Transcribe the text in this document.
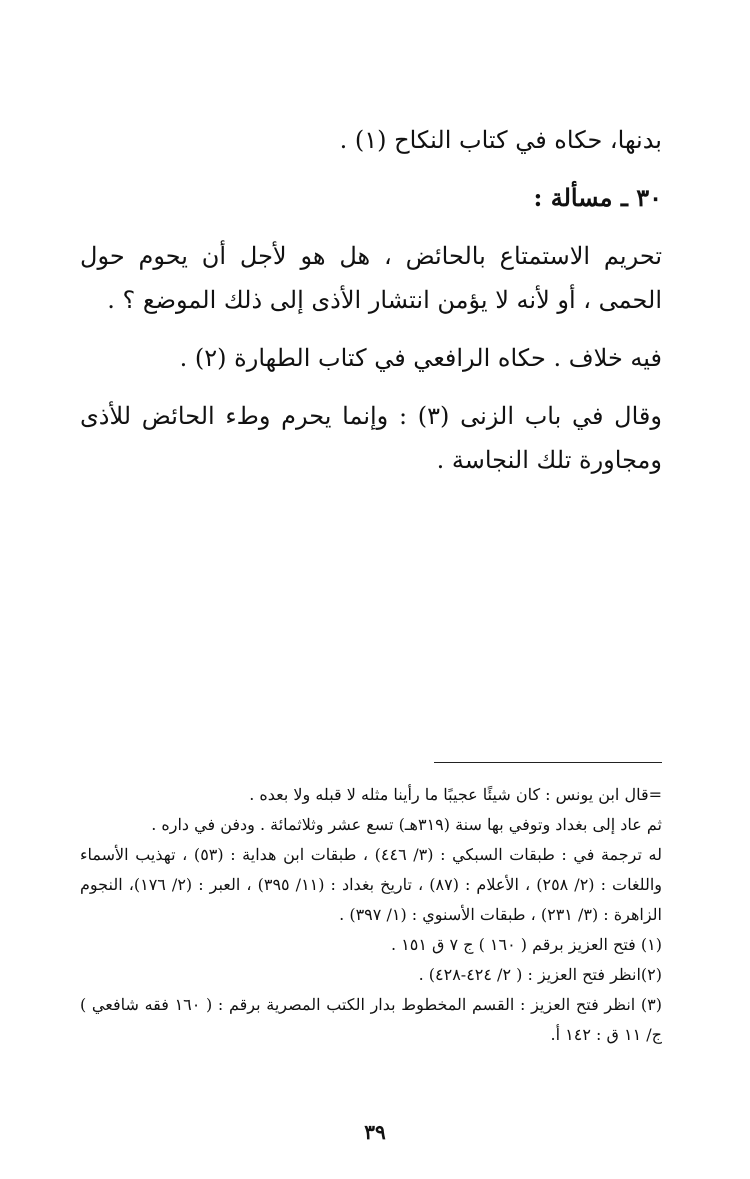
بدنها، حكاه في كتاب النكاح (١) .

٣٠ ـ مسألة :

تحريم الاستمتاع بالحائض ، هل هو لأجل أن يحوم حول الحمى ، أو لأنه لا يؤمن انتشار الأذى إلى ذلك الموضع ؟ .

فيه خلاف . حكاه الرافعي في كتاب الطهارة (٢) .

وقال في باب الزنى (٣) : وإنما يحرم وطء الحائض للأذى ومجاورة تلك النجاسة .

=قال ابن يونس : كان شيئًا عجيبًا ما رأينا مثله لا قبله ولا بعده .

ثم عاد إلى بغداد وتوفي بها سنة (٣١٩هـ) تسع عشر وثلاثمائة . ودفن في داره .

له ترجمة في : طبقات السبكي : (٣/ ٤٤٦) ، طبقات ابن هداية : (٥٣) ، تهذيب الأسماء واللغات : (٢/ ٢٥٨) ، الأعلام : (٨٧) ، تاريخ بغداد : (١١/ ٣٩٥) ، العبر : (٢/ ١٧٦)، النجوم الزاهرة : (٣/ ٢٣١) ، طبقات الأسنوي : (١/ ٣٩٧) .

(١) فتح العزيز برقم ( ١٦٠ ) ج ٧ ق ١٥١ .

(٢)انظر فتح العزيز : ( ٢/ ٤٢٤-٤٢٨) .

(٣) انظر فتح العزيز : القسم المخطوط بدار الكتب المصرية برقم : ( ١٦٠ فقه شافعي ) ج/ ١١ ق : ١٤٢ أ.

٣٩
